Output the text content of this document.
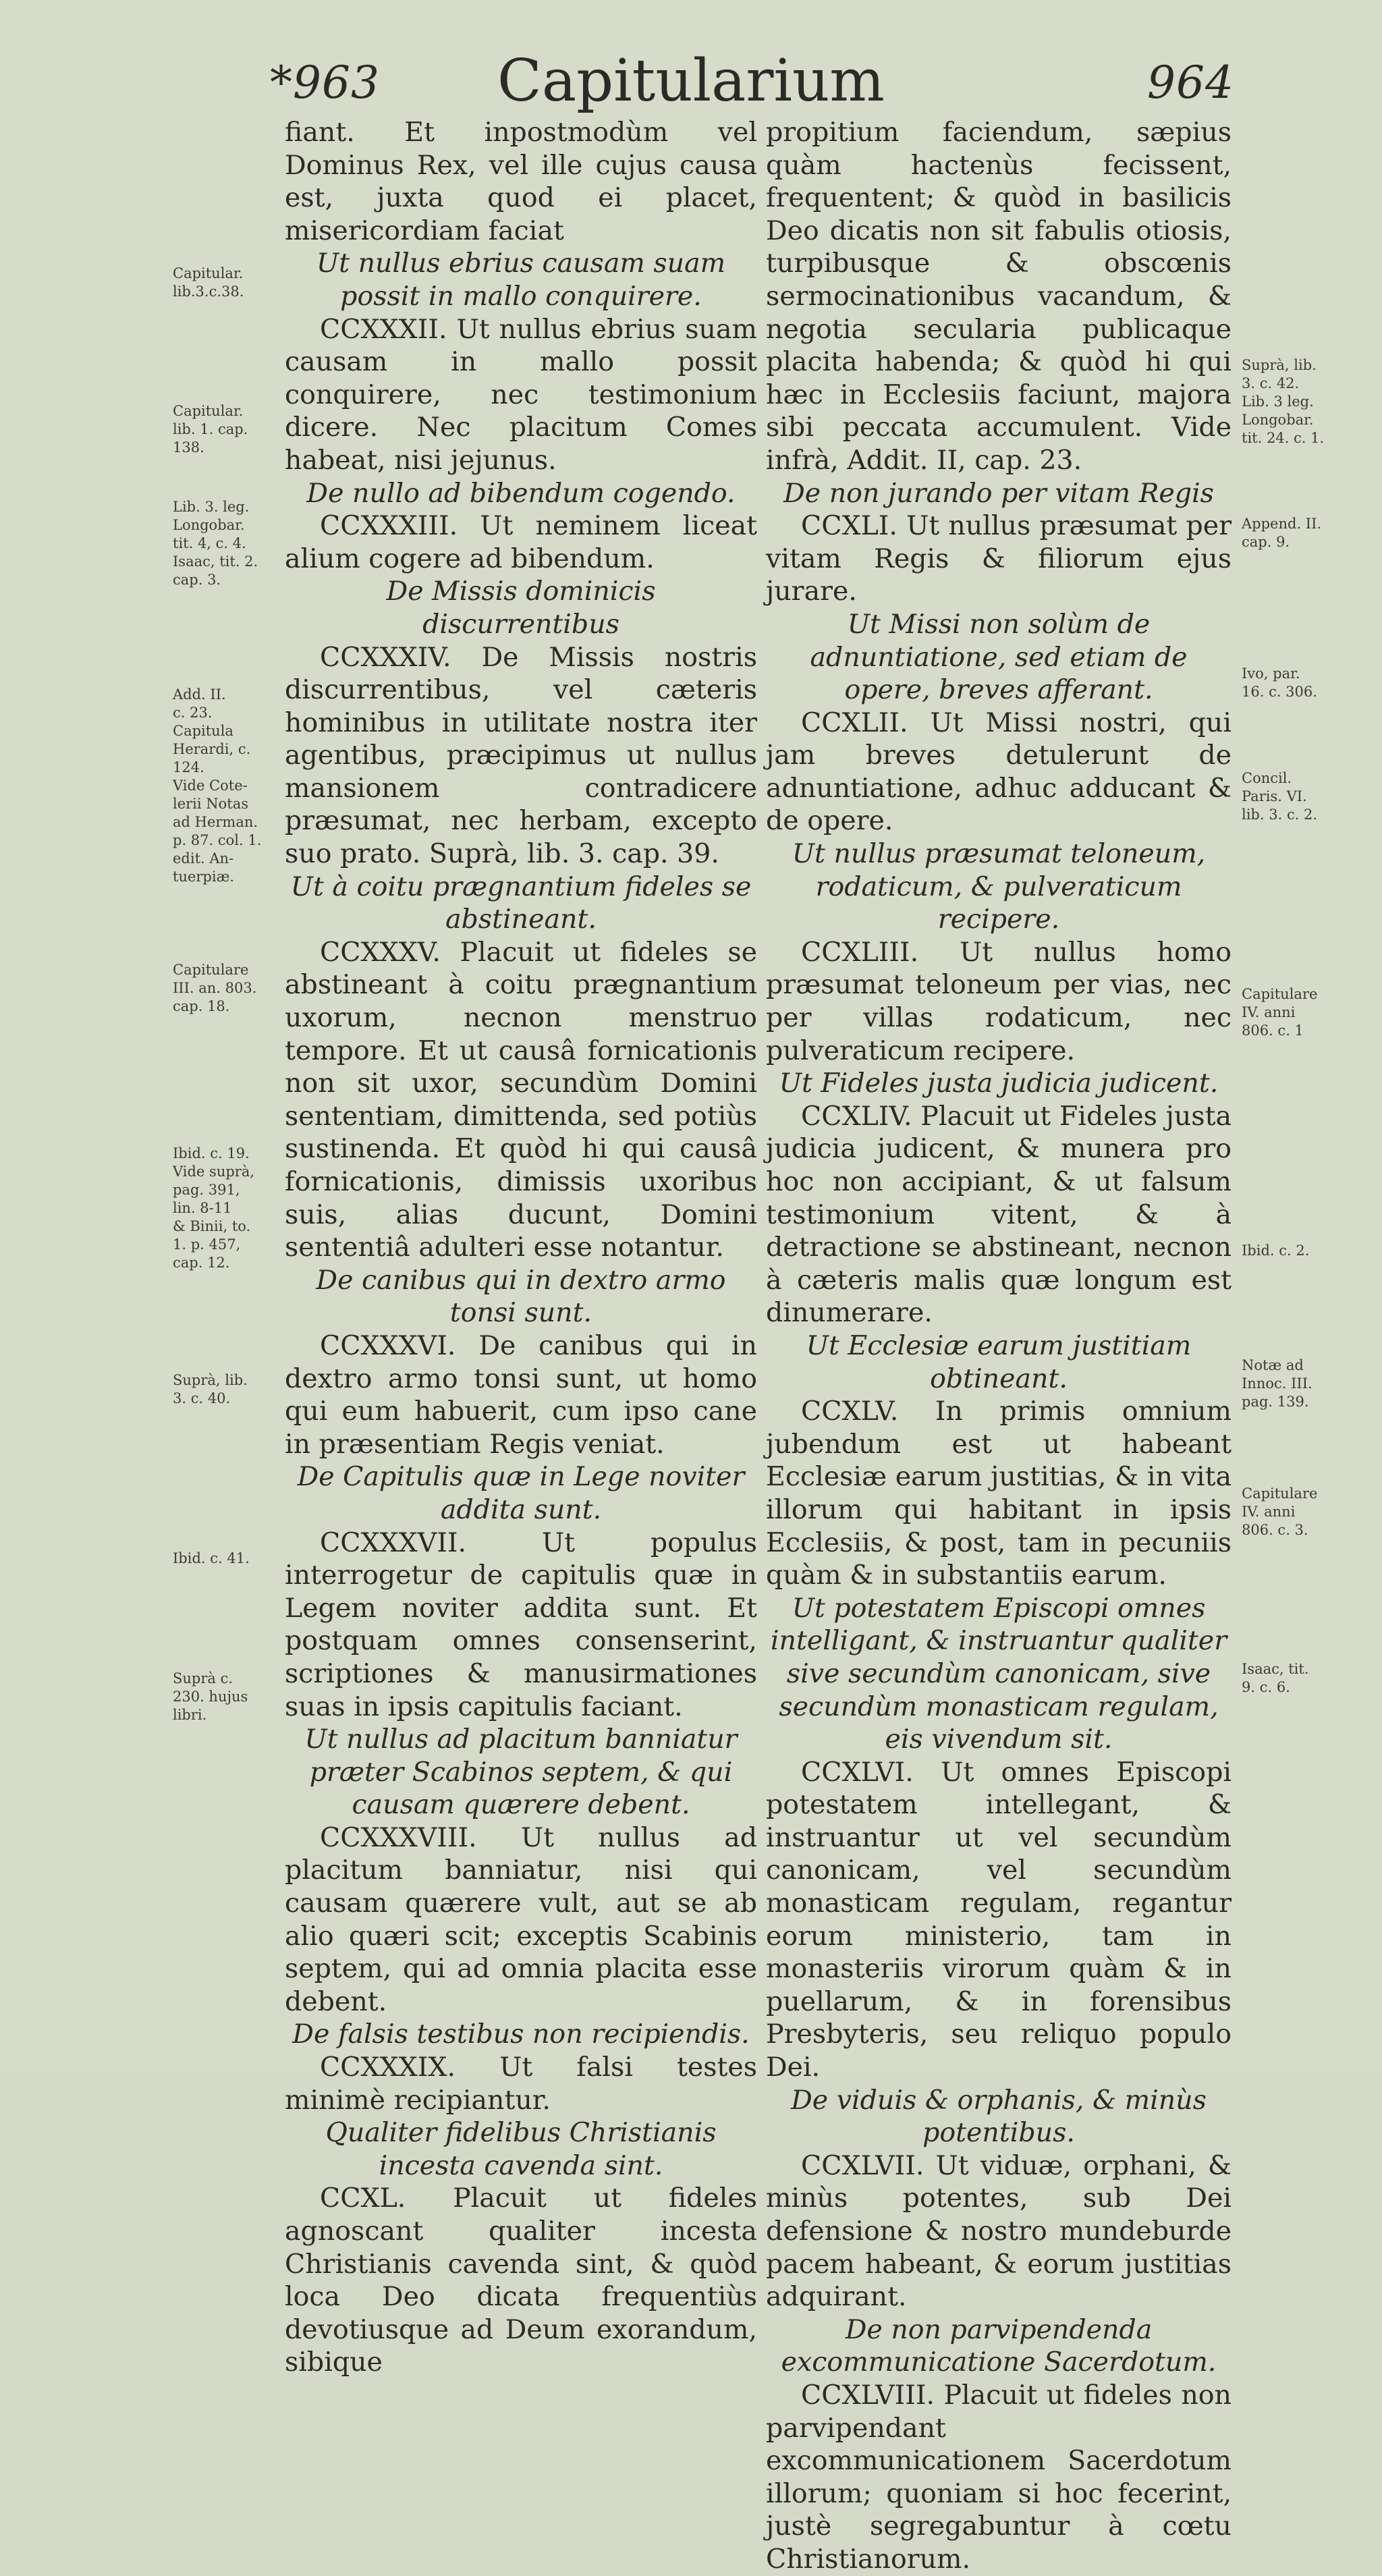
*963	Capitularium	964

fiant. Et inpostmodùm vel Dominus Rex, vel ille cujus causa est, juxta quod ei placet, misericordiam faciat

Ut nullus ebrius causam suam possit in mallo conquirere.

CCXXXII. Ut nullus ebrius suam causam in mallo possit conquirere, nec testimonium dicere. Nec placitum Comes habeat, nisi jejunus.

De nullo ad bibendum cogendo.

CCXXXIII. Ut neminem liceat alium cogere ad bibendum.

De Missis dominicis discurrentibus

CCXXXIV. De Missis nostris discurrentibus, vel cæteris hominibus in utilitate nostra iter agentibus, præcipimus ut nullus mansionem contradicere præsumat, nec herbam, excepto suo prato. Suprà, lib. 3. cap. 39.

Ut à coitu prægnantium fideles se abstineant.

CCXXXV. Placuit ut fideles se abstineant à coitu prægnantium uxorum, necnon menstruo tempore. Et ut causâ fornicationis non sit uxor, secundùm Domini sententiam, dimittenda, sed potiùs sustinenda. Et quòd hi qui causâ fornicationis, dimissis uxoribus suis, alias ducunt, Domini sententiâ adulteri esse notantur.

De canibus qui in dextro armo tonsi sunt.

CCXXXVI. De canibus qui in dextro armo tonsi sunt, ut homo qui eum habuerit, cum ipso cane in præsentiam Regis veniat.

De Capitulis quæ in Lege noviter addita sunt.

CCXXXVII. Ut populus interrogetur de capitulis quæ in Legem noviter addita sunt. Et postquam omnes consenserint, scriptiones & manusirmationes suas in ipsis capitulis faciant.

Ut nullus ad placitum banniatur præter Scabinos septem, & qui causam quærere debent.

CCXXXVIII. Ut nullus ad placitum banniatur, nisi qui causam quærere vult, aut se ab alio quæri scit; exceptis Scabinis septem, qui ad omnia placita esse debent.

De falsis testibus non recipiendis.

CCXXXIX. Ut falsi testes minimè recipiantur.

Qualiter fidelibus Christianis incesta cavenda sint.

CCXL. Placuit ut fideles agnoscant qualiter incesta Christianis cavenda sint, & quòd loca Deo dicata frequentiùs devotiusque ad Deum exorandum, sibique

propitium faciendum, sæpius quàm hactenùs fecissent, frequentent; & quòd in basilicis Deo dicatis non sit fabulis otiosis, turpibusque & obscœnis sermocinationibus vacandum, & negotia secularia publicaque placita habenda; & quòd hi qui hæc in Ecclesiis faciunt, majora sibi peccata accumulent. Vide infrà, Addit. II, cap. 23.

De non jurando per vitam Regis

CCXLI. Ut nullus præsumat per vitam Regis & filiorum ejus jurare.

Ut Missi non solùm de adnuntiatione, sed etiam de opere, breves afferant.

CCXLII. Ut Missi nostri, qui jam breves detulerunt de adnuntiatione, adhuc adducant & de opere.

Ut nullus præsumat teloneum, rodaticum, & pulveraticum recipere.

CCXLIII. Ut nullus homo præsumat teloneum per vias, nec per villas rodaticum, nec pulveraticum recipere.

Ut Fideles justa judicia judicent.

CCXLIV. Placuit ut Fideles justa judicia judicent, & munera pro hoc non accipiant, & ut falsum testimonium vitent, & à detractione se abstineant, necnon à cæteris malis quæ longum est dinumerare.

Ut Ecclesiæ earum justitiam obtineant.

CCXLV. In primis omnium jubendum est ut habeant Ecclesiæ earum justitias, & in vita illorum qui habitant in ipsis Ecclesiis, & post, tam in pecuniis quàm & in substantiis earum.

Ut potestatem Episcopi omnes intelligant, & instruantur qualiter sive secundùm canonicam, sive secundùm monasticam regulam, eis vivendum sit.

CCXLVI. Ut omnes Episcopi potestatem intellegant, & instruantur ut vel secundùm canonicam, vel secundùm monasticam regulam, regantur eorum ministerio, tam in monasteriis virorum quàm & in puellarum, & in forensibus Presbyteris, seu reliquo populo Dei.

De viduis & orphanis, & minùs potentibus.

CCXLVII. Ut viduæ, orphani, & minùs potentes, sub Dei defensione & nostro mundeburde pacem habeant, & eorum justitias adquirant.

De non parvipendenda excommunicatione Sacerdotum.

CCXLVIII. Placuit ut fideles non parvipendant excommunicationem Sacerdotum illorum; quoniam si hoc fecerint, justè segregabuntur à cœtu Christianorum.

Capitular.
lib.3.c.38.
Capitular.
lib. 1. cap.
138.
Lib. 3. leg.
Longobar.
tit. 4, c. 4.
Isaac, tit. 2.
cap. 3.
Add. II.
c. 23.
Capitula
Herardi, c.
124.
Vide Cote-
lerii Notas
ad Herman.
p. 87. col. 1.
edit. An-
tuerpiæ.
Capitulare
III. an. 803.
cap. 18.
Ibid. c. 19.
Vide suprà,
pag. 391,
lin. 8-11
& Binii, to.
1. p. 457,
cap. 12.
Suprà, lib.
3. c. 40.
Ibid. c. 41.
Suprà c.
230. hujus
libri.
Suprà, lib.
3. c. 42.
Lib. 3 leg.
Longobar.
tit. 24. c. 1.
Append. II.
cap. 9.
Ivo, par.
16. c. 306.
Concil.
Paris. VI.
lib. 3. c. 2.
Capitulare
IV. anni
806. c. 1
Ibid. c. 2.
Notæ ad
Innoc. III.
pag. 139.
Capitulare
IV. anni
806. c. 3.
Isaac, tit.
9. c. 6.
